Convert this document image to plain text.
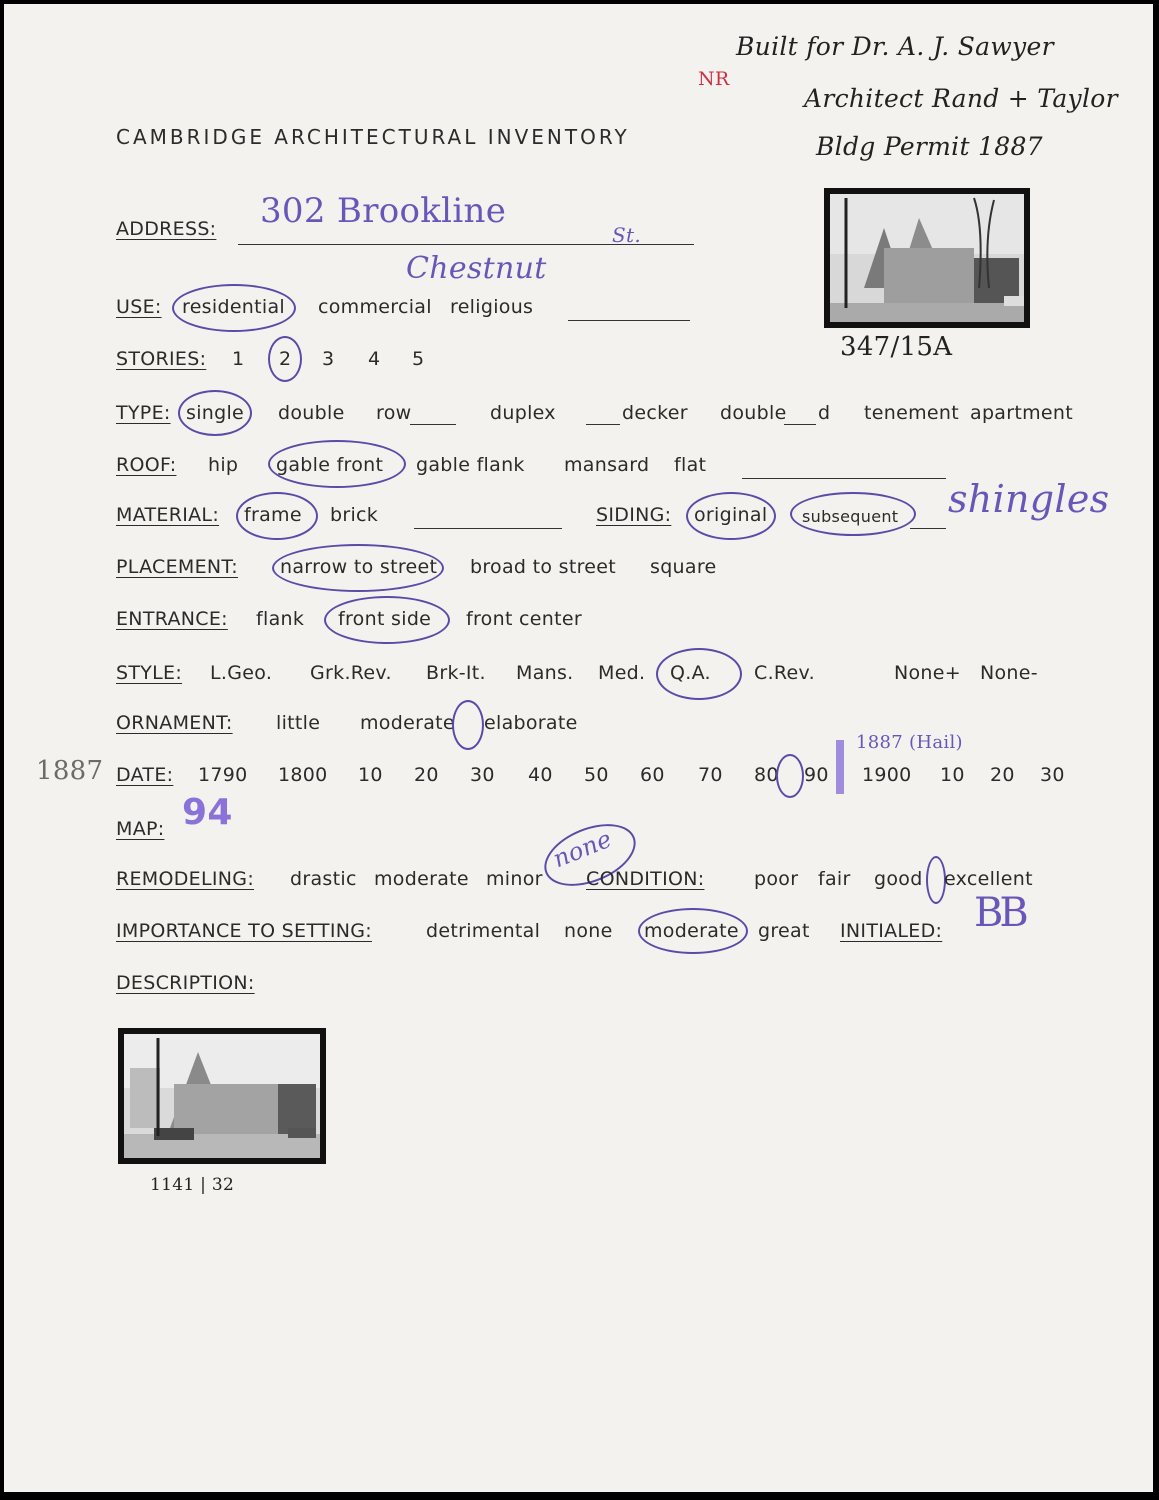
NR
Built for Dr. A. J. Sawyer
Architect Rand + Taylor
Bldg Permit 1887
CAMBRIDGE ARCHITECTURAL INVENTORY
347/15A
ADDRESS: 302 Brookline
St.
Chestnut
USE: residential commercial religious
STORIES: 1 2 3 4 5
TYPE: single double row	duplex	decker double d tenement apartment
ROOF: hip gable front gable flank mansard flat
MATERIAL: frame brick	SIDING: original subsequent shingles
PLACEMENT: narrow to street broad to street square
ENTRANCE: flank front side front center
STYLE: L.Geo. Grk.Rev. Brk-It. Mans. Med. Q.A. C.Rev.	None+ None-
ORNAMENT: little moderate elaborate
1887 DATE: 1790 1800 10 20 30 40 50 60 70 80 90 1900 10 20 30
1887 (Hail)
MAP: 94
REMODELING: drastic moderate minor
none
CONDITION:	poor fair good excellent
IMPORTANCE TO SETTING:	detrimental none moderate great INITIALED: BB
DESCRIPTION:
1141 | 32
